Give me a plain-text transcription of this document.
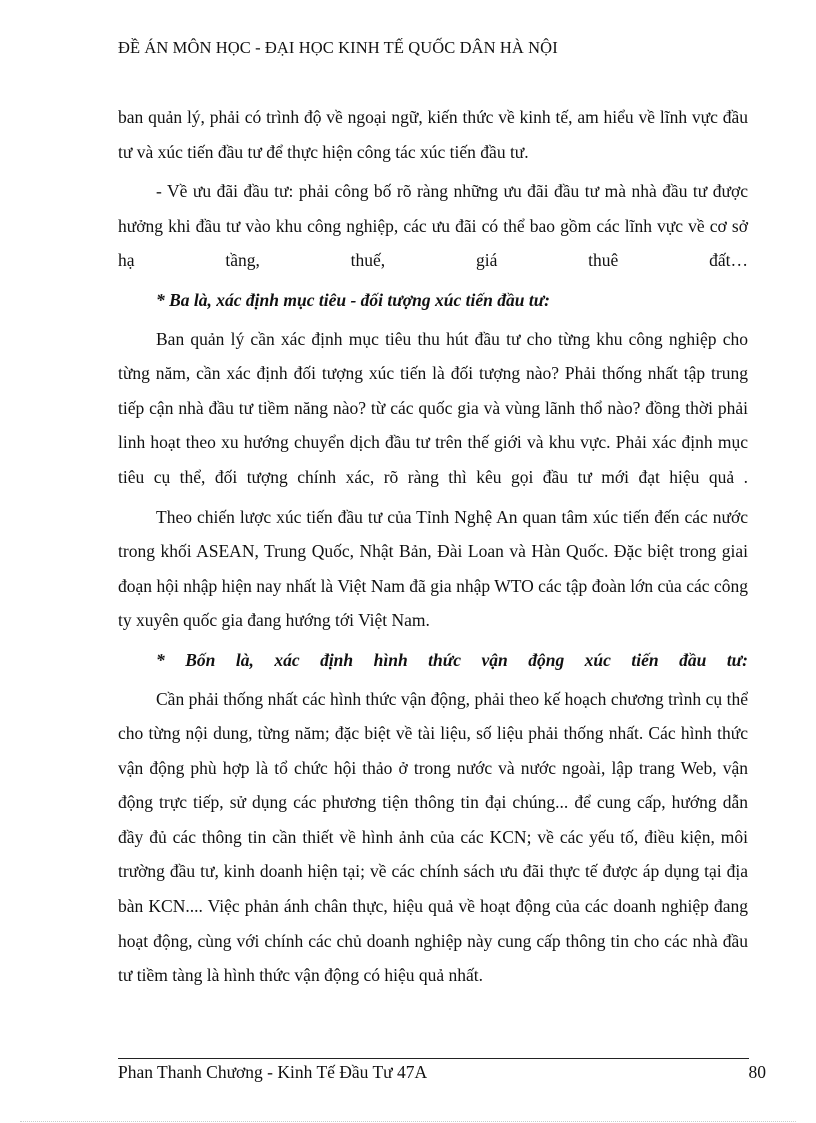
ĐỀ ÁN MÔN HỌC - ĐẠI HỌC KINH TẾ QUỐC DÂN HÀ NỘI

ban quản lý, phải có trình độ về ngoại ngữ, kiến thức về kinh tế, am hiểu về lĩnh vực đầu tư và xúc tiến đầu tư để thực hiện công tác xúc tiến đầu tư.

- Về ưu đãi đầu tư: phải công bố rõ ràng những ưu đãi đầu tư mà nhà đầu tư được hưởng khi đầu tư vào khu công nghiệp, các ưu đãi có thể bao gồm các lĩnh vực về cơ sở hạ tầng, thuế, giá thuê đất…

* Ba là, xác định mục tiêu - đối tượng xúc tiến đầu tư:

Ban quản lý cần xác định mục tiêu thu hút đầu tư cho từng khu công nghiệp cho từng năm, cần xác định đối tượng xúc tiến là đối tượng nào? Phải thống nhất tập trung tiếp cận nhà đầu tư tiềm năng nào? từ các quốc gia và vùng lãnh thổ nào? đồng thời phải linh hoạt theo xu hướng chuyển dịch đầu tư trên thế giới và khu vực. Phải xác định mục tiêu cụ thể, đối tượng chính xác, rõ ràng thì kêu gọi đầu tư mới đạt hiệu quả .

Theo chiến lược xúc tiến đầu tư của Tỉnh Nghệ An quan tâm xúc tiến đến các nước trong khối ASEAN, Trung Quốc, Nhật Bản, Đài Loan và Hàn Quốc. Đặc biệt trong giai đoạn hội nhập hiện nay nhất là Việt Nam đã gia nhập WTO các tập đoàn lớn của các công ty xuyên quốc gia đang hướng tới Việt Nam.

* Bốn là, xác định hình thức vận động xúc tiến đầu tư:

Cần phải thống nhất các hình thức vận động, phải theo kế hoạch chương trình cụ thể cho từng nội dung, từng năm; đặc biệt về tài liệu, số liệu phải thống nhất. Các hình thức vận động phù hợp là tổ chức hội thảo ở trong nước và nước ngoài, lập trang Web, vận động trực tiếp, sử dụng các phương tiện thông tin đại chúng... để cung cấp, hướng dẫn đầy đủ các thông tin cần thiết về hình ảnh của các KCN; về các yếu tố, điều kiện, môi trường đầu tư, kinh doanh hiện tại; về các chính sách ưu đãi thực tế được áp dụng tại địa bàn KCN.... Việc phản ánh chân thực, hiệu quả về hoạt động của các doanh nghiệp đang hoạt động, cùng với chính các chủ doanh nghiệp này cung cấp thông tin cho các nhà đầu tư tiềm tàng là hình thức vận động có hiệu quả nhất.

Phan Thanh Chương - Kinh Tế Đầu Tư 47A	80
